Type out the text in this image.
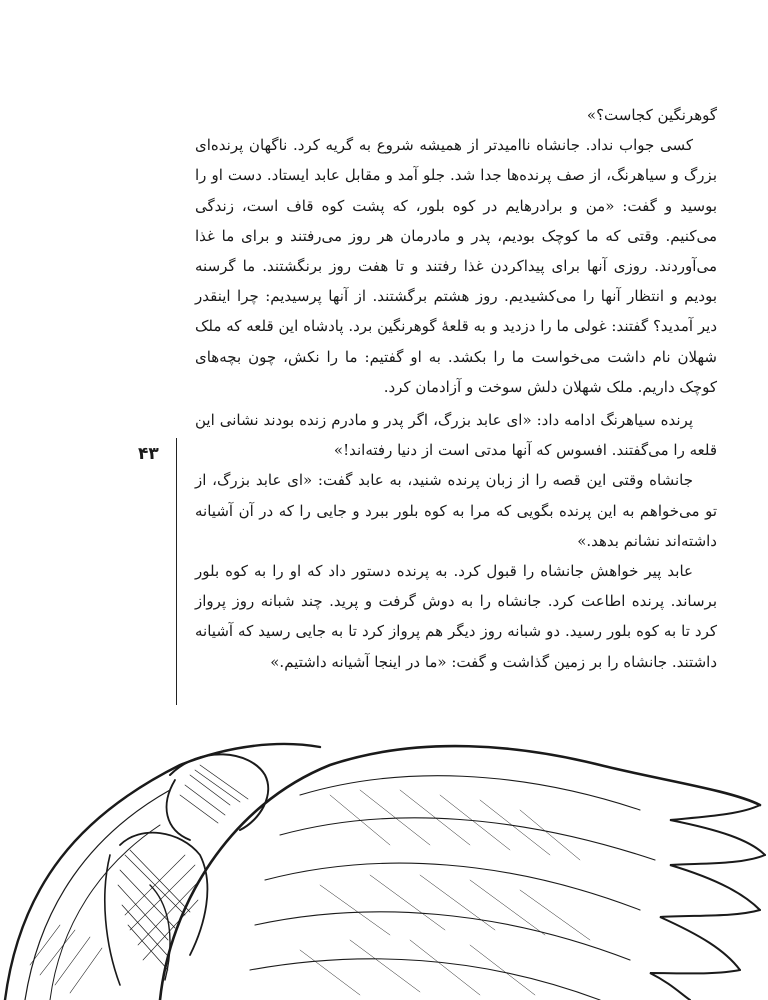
گوهرنگین کجاست؟»

کسی جواب نداد. جانشاه ناامیدتر از همیشه شروع به گریه کرد. ناگهان پرنده‌ای بزرگ و سیاهرنگ، از صف پرنده‌ها جدا شد. جلو آمد و مقابل عابد ایستاد. دست او را بوسید و گفت: «من و برادرهایم در کوه بلور، که پشت کوه قاف است، زندگی می‌کنیم. وقتی که ما کوچک بودیم، پدر و مادرمان هر روز می‌رفتند و برای ما غذا می‌آوردند. روزی آنها برای پیداکردن غذا رفتند و تا هفت روز برنگشتند. ما گرسنه بودیم و انتظار آنها را می‌کشیدیم. روز هشتم برگشتند. از آنها پرسیدیم: چرا اینقدر دیر آمدید؟ گفتند: غولی ما را دزدید و به قلعهٔ گوهرنگین برد. پادشاه این قلعه که ملک شهلان نام داشت می‌خواست ما را بکشد. به او گفتیم: ما را نکش، چون بچه‌های کوچک داریم. ملک شهلان دلش سوخت و آزادمان کرد.

پرنده سیاهرنگ ادامه داد: «ای عابد بزرگ، اگر پدر و مادرم زنده بودند نشانی این قلعه را می‌گفتند. افسوس که آنها مدتی است از دنیا رفته‌اند!»

جانشاه وقتی این قصه را از زبان پرنده شنید، به عابد گفت: «ای عابد بزرگ، از تو می‌خواهم به این پرنده بگویی که مرا به کوه بلور ببرد و جایی را که در آن آشیانه داشته‌اند نشانم بدهد.»

عابد پیر خواهش جانشاه را قبول کرد. به پرنده دستور داد که او را به کوه بلور برساند. پرنده اطاعت کرد. جانشاه را به دوش گرفت و پرید. چند شبانه روز پرواز کرد تا به کوه بلور رسید. دو شبانه روز دیگر هم پرواز کرد تا به جایی رسید که آشیانه داشتند. جانشاه را بر زمین گذاشت و گفت: «ما در اینجا آشیانه داشتیم.»

۴۳
